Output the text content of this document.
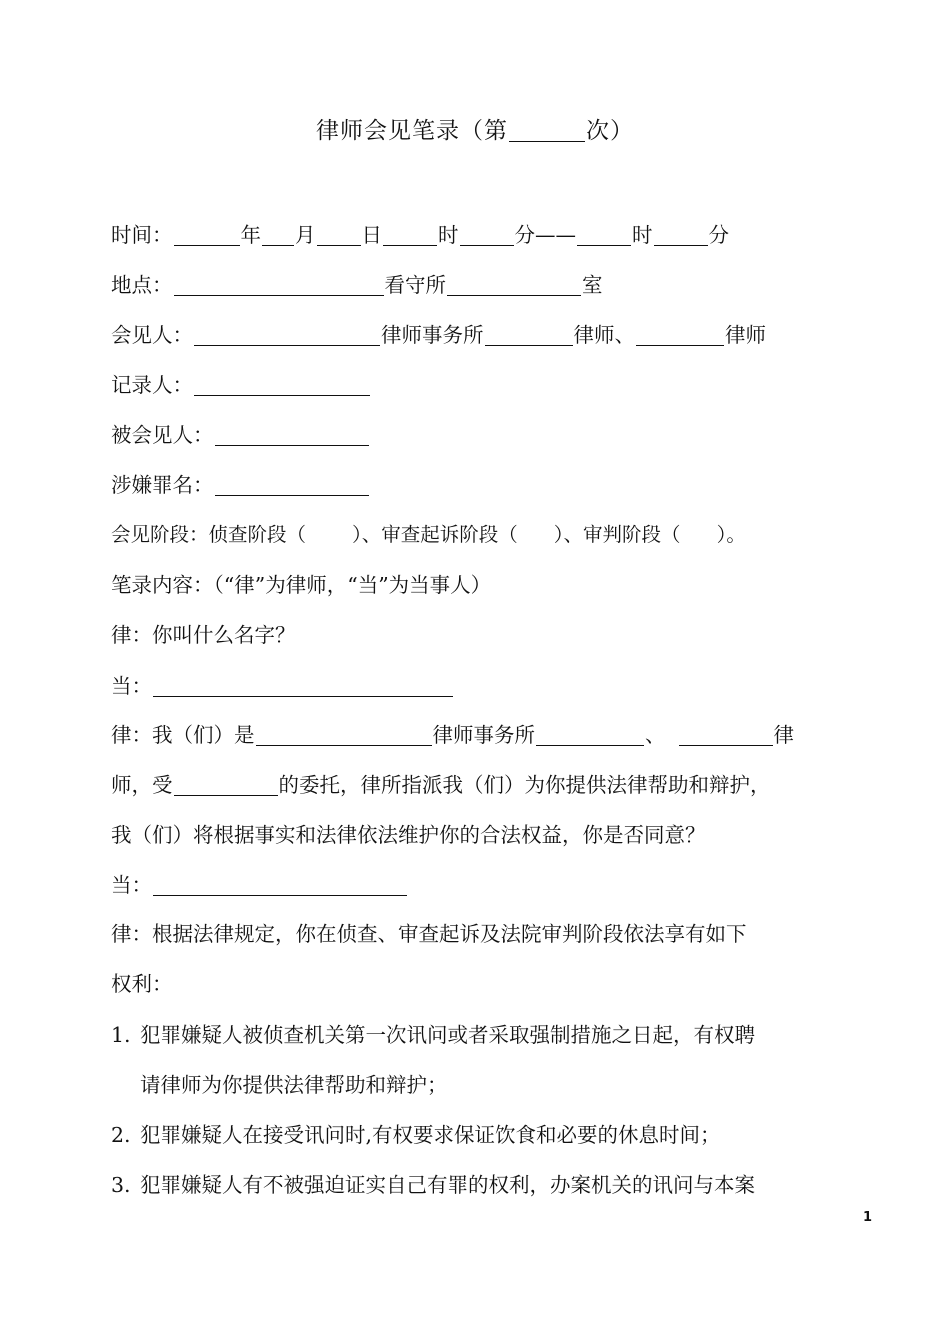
律师会见笔录（第	次）
时间：	年 月 日	时	分——	时	分
地点：	看守所	室
会见人：	律师事务所	律师、	律师
记录人：
被会见人：
涉嫌罪名：
会见阶段：侦查阶段（ ）、审查起诉阶段（ ）、审判阶段（ ）。
笔录内容：（“律”为律师，“当”为当事人）
律：你叫什么名字？
当：
律：我（们）是	律师事务所	、	律
师，受	的委托，律所指派我（们）为你提供法律帮助和辩护，
我（们）将根据事实和法律依法维护你的合法权益，你是否同意？
当：
律：根据法律规定，你在侦查、审查起诉及法院审判阶段依法享有如下
权利：
1. 犯罪嫌疑人被侦查机关第一次讯问或者采取强制措施之日起，有权聘
请律师为你提供法律帮助和辩护；
2. 犯罪嫌疑人在接受讯问时,有权要求保证饮食和必要的休息时间；
3. 犯罪嫌疑人有不被强迫证实自己有罪的权利，办案机关的讯问与本案
1
